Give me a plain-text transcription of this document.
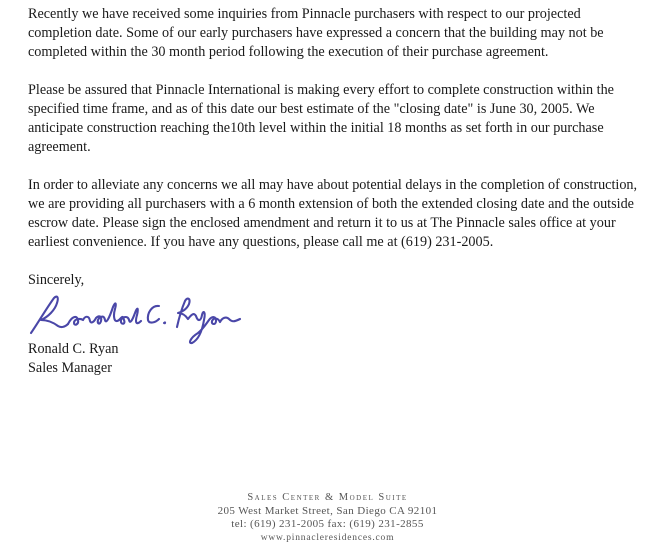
Recently we have received some inquiries from Pinnacle purchasers with respect to our projected completion date. Some of our early purchasers have expressed a concern that the building may not be completed within the 30 month period following the execution of their purchase agreement.

Please be assured that Pinnacle International is making every effort to complete construction within the specified time frame, and as of this date our best estimate of the "closing date" is June 30, 2005. We anticipate construction reaching the10th level within the initial 18 months as set forth in our purchase agreement.

In order to alleviate any concerns we all may have about potential delays in the completion of construction, we are providing all purchasers with a 6 month extension of both the extended closing date and the outside escrow date. Please sign the enclosed amendment and return it to us at The Pinnacle sales office at your earliest convenience. If you have any questions, please call me at (619) 231-2005.

Sincerely,
Ronald C. Ryan
Sales Manager
Sales Center & Model Suite
205 West Market Street, San Diego CA 92101
tel: (619) 231-2005 fax: (619) 231-2855
www.pinnacleresidences.com
